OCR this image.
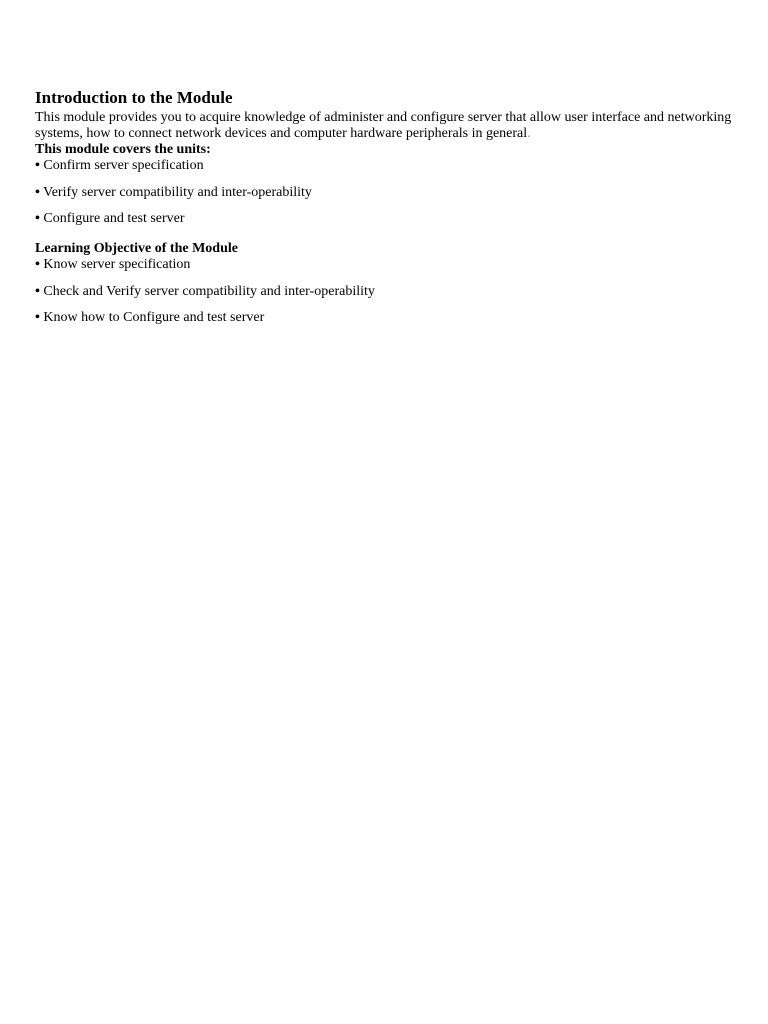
Introduction to the Module

This module provides you to acquire knowledge of administer and configure server that allow user interface and networking systems, how to connect network devices and computer hardware peripherals in general.

This module covers the units:

• Confirm server specification
• Verify server compatibility and inter-operability
• Configure and test server

Learning Objective of the Module

• Know server specification
• Check and Verify server compatibility and inter-operability
• Know how to Configure and test server
